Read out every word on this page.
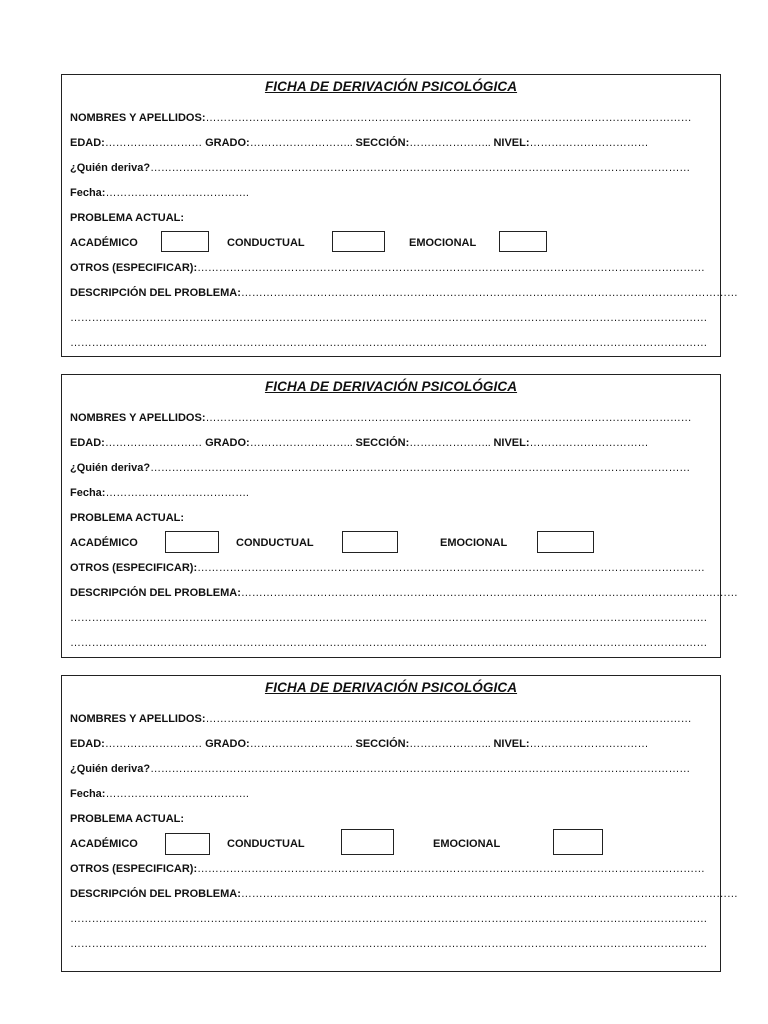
FICHA DE DERIVACIÓN PSICOLÓGICA
NOMBRES Y APELLIDOS:………………………………………………………………………………………………………………………
EDAD:……………………… GRADO:……………………….. SECCIÓN:………………….. NIVEL:……………………………
¿Quién deriva?……………………………………………………………………………………………………………………………………
Fecha:………………………………….
PROBLEMA ACTUAL:
ACADÉMICO	CONDUCTUAL	EMOCIONAL
OTROS (ESPECIFICAR):……………………………………………………………………………………………………………………………
DESCRIPCIÓN DEL PROBLEMA:…………………………………………………………………………………………………………………………
……………………………………………………………………………………………………………………………………………………………
……………………………………………………………………………………………………………………………………………………………
FICHA DE DERIVACIÓN PSICOLÓGICA
NOMBRES Y APELLIDOS:………………………………………………………………………………………………………………………
EDAD:……………………… GRADO:……………………….. SECCIÓN:………………….. NIVEL:……………………………
¿Quién deriva?……………………………………………………………………………………………………………………………………
Fecha:………………………………….
PROBLEMA ACTUAL:
ACADÉMICO	CONDUCTUAL	EMOCIONAL
OTROS (ESPECIFICAR):……………………………………………………………………………………………………………………………
DESCRIPCIÓN DEL PROBLEMA:…………………………………………………………………………………………………………………………
……………………………………………………………………………………………………………………………………………………………
……………………………………………………………………………………………………………………………………………………………
FICHA DE DERIVACIÓN PSICOLÓGICA
NOMBRES Y APELLIDOS:………………………………………………………………………………………………………………………
EDAD:……………………… GRADO:……………………….. SECCIÓN:………………….. NIVEL:……………………………
¿Quién deriva?……………………………………………………………………………………………………………………………………
Fecha:………………………………….
PROBLEMA ACTUAL:
ACADÉMICO	CONDUCTUAL	EMOCIONAL
OTROS (ESPECIFICAR):……………………………………………………………………………………………………………………………
DESCRIPCIÓN DEL PROBLEMA:…………………………………………………………………………………………………………………………
……………………………………………………………………………………………………………………………………………………………
……………………………………………………………………………………………………………………………………………………………
